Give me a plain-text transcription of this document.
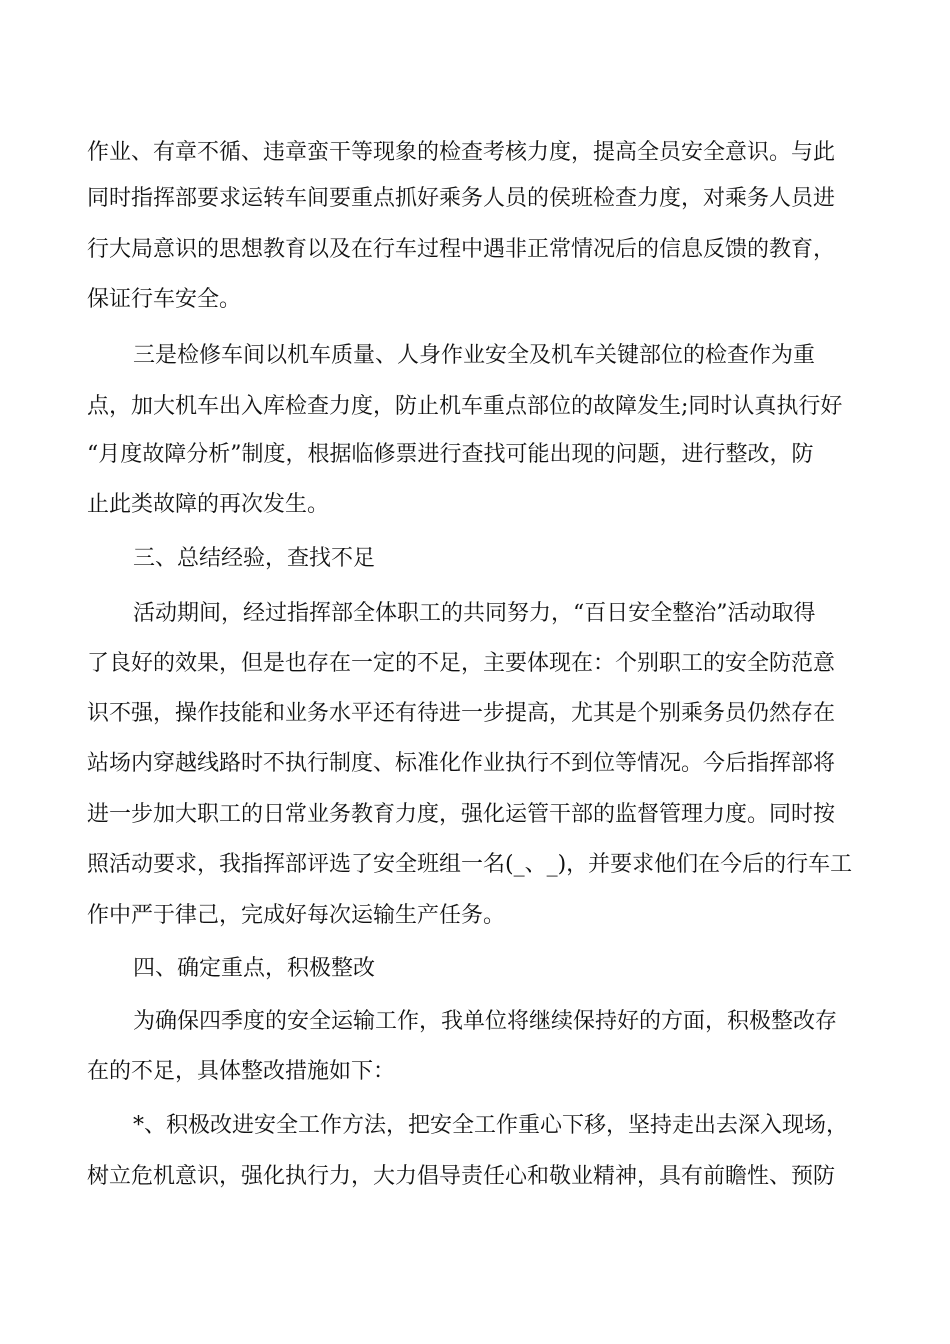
作业、有章不循、违章蛮干等现象的检查考核力度，提高全员安全意识。与此
同时指挥部要求运转车间要重点抓好乘务人员的侯班检查力度，对乘务人员进
行大局意识的思想教育以及在行车过程中遇非正常情况后的信息反馈的教育，
保证行车安全。
三是检修车间以机车质量、人身作业安全及机车关键部位的检查作为重
点，加大机车出入库检查力度，防止机车重点部位的故障发生;同时认真执行好
“月度故障分析”制度，根据临修票进行查找可能出现的问题，进行整改，防
止此类故障的再次发生。
三、总结经验，查找不足
活动期间，经过指挥部全体职工的共同努力，“百日安全整治”活动取得
了良好的效果，但是也存在一定的不足，主要体现在：个别职工的安全防范意
识不强，操作技能和业务水平还有待进一步提高，尤其是个别乘务员仍然存在
站场内穿越线路时不执行制度、标准化作业执行不到位等情况。今后指挥部将
进一步加大职工的日常业务教育力度，强化运管干部的监督管理力度。同时按
照活动要求，我指挥部评选了安全班组一名(_、_)，并要求他们在今后的行车工
作中严于律己，完成好每次运输生产任务。
四、确定重点，积极整改
为确保四季度的安全运输工作，我单位将继续保持好的方面，积极整改存
在的不足，具体整改措施如下：
*、积极改进安全工作方法，把安全工作重心下移，坚持走出去深入现场，
树立危机意识，强化执行力，大力倡导责任心和敬业精神，具有前瞻性、预防
